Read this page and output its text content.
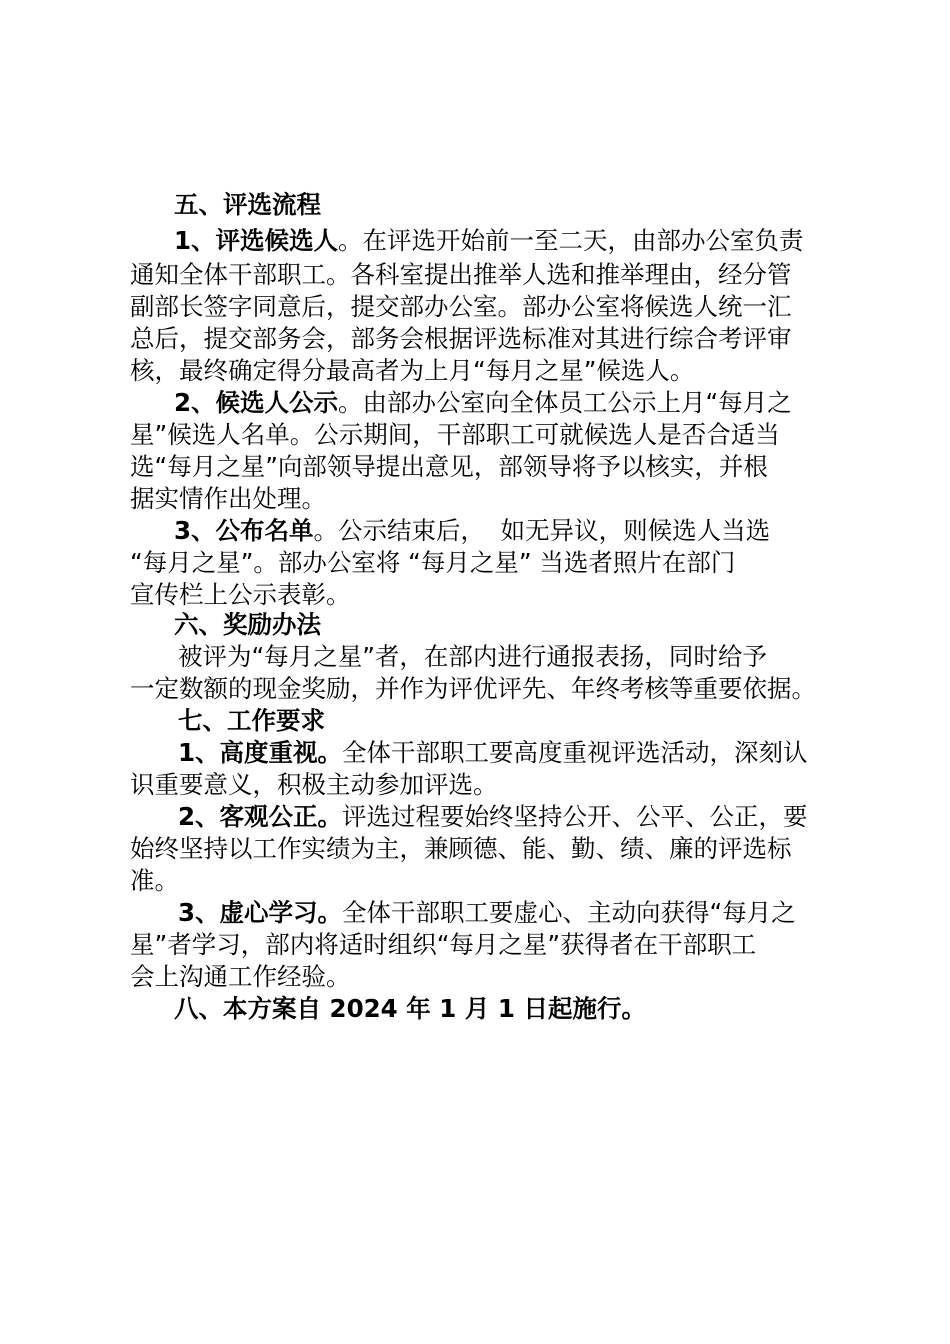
五、评选流程
1、评选候选人。在评选开始前一至二天，由部办公室负责
通知全体干部职工。各科室提出推举人选和推举理由，经分管
副部长签字同意后，提交部办公室。部办公室将候选人统一汇
总后，提交部务会，部务会根据评选标准对其进行综合考评审
核，最终确定得分最高者为上月“每月之星”候选人。
2、候选人公示。由部办公室向全体员工公示上月“每月之
星”候选人名单。公示期间，干部职工可就候选人是否合适当
选“每月之星”向部领导提出意见，部领导将予以核实，并根
据实情作出处理。
3、公布名单。公示结束后，  如无异议，则候选人当选
“每月之星”。部办公室将 “每月之星” 当选者照片在部门
宣传栏上公示表彰。
六、奖励办法
被评为“每月之星”者，在部内进行通报表扬，同时给予
一定数额的现金奖励，并作为评优评先、年终考核等重要依据。
七、工作要求
1、高度重视。全体干部职工要高度重视评选活动，深刻认
识重要意义，积极主动参加评选。
2、客观公正。评选过程要始终坚持公开、公平、公正，要
始终坚持以工作实绩为主，兼顾德、能、勤、绩、廉的评选标
准。
3、虚心学习。全体干部职工要虚心、主动向获得“每月之
星”者学习，部内将适时组织“每月之星”获得者在干部职工
会上沟通工作经验。
八、本方案自 2024 年 1 月 1 日起施行。
